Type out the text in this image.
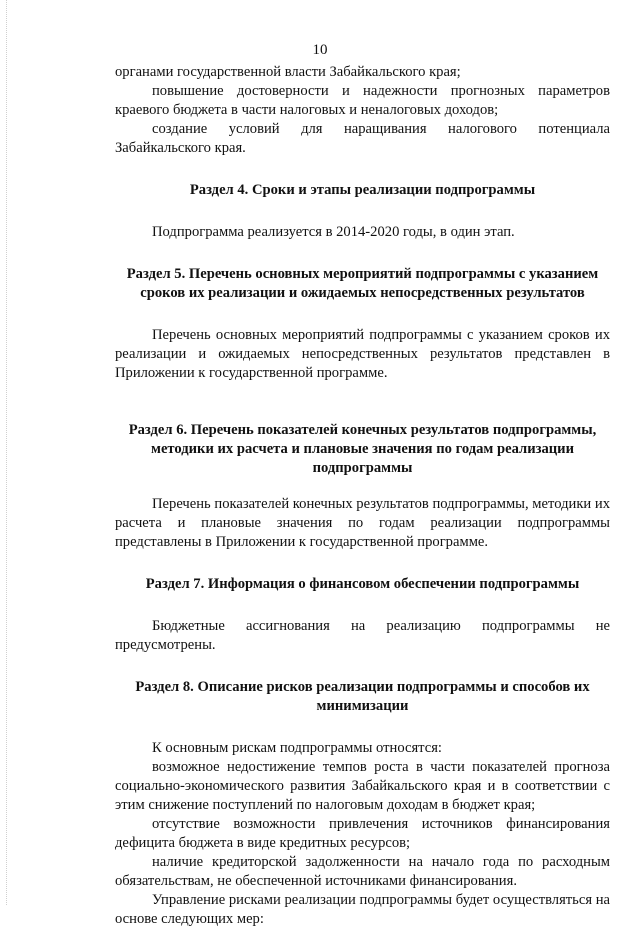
10

органами государственной власти Забайкальского края;

повышение достоверности и надежности прогнозных параметров краевого бюджета в части налоговых и неналоговых доходов;

создание условий для наращивания налогового потенциала Забайкальского края.

Раздел 4. Сроки и этапы реализации подпрограммы

Подпрограмма реализуется в 2014-2020 годы, в один этап.

Раздел 5. Перечень основных мероприятий подпрограммы с указанием сроков их реализации и ожидаемых непосредственных результатов

Перечень основных мероприятий подпрограммы с указанием сроков их реализации и ожидаемых непосредственных результатов представлен в Приложении к государственной программе.

Раздел 6. Перечень показателей конечных результатов подпрограммы, методики их расчета и плановые значения по годам реализации подпрограммы

Перечень показателей конечных результатов подпрограммы, методики их расчета и плановые значения по годам реализации подпрограммы представлены в Приложении к государственной программе.

Раздел 7. Информация о финансовом обеспечении подпрограммы

Бюджетные ассигнования на реализацию подпрограммы не предусмотрены.

Раздел 8. Описание рисков реализации подпрограммы и способов их минимизации

К основным рискам подпрограммы относятся:

возможное недостижение темпов роста в части показателей прогноза социально-экономического развития Забайкальского края и в соответствии с этим снижение поступлений по налоговым доходам в бюджет края;

отсутствие возможности привлечения источников финансирования дефицита бюджета в виде кредитных ресурсов;

наличие кредиторской задолженности на начало года по расходным обязательствам, не обеспеченной источниками финансирования.

Управление рисками реализации подпрограммы будет осуществляться на основе следующих мер:
